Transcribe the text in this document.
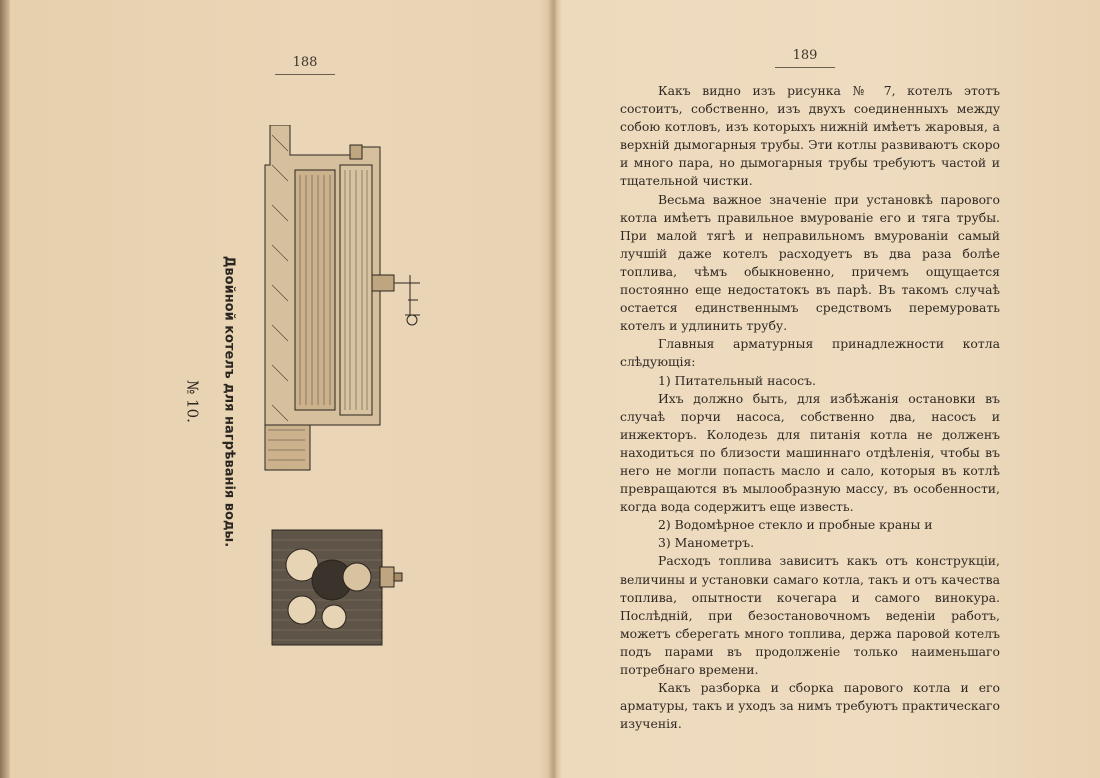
188
Двойной котелъ для нагрѣванія воды.
№ 10.
189

Какъ видно изъ рисунка № 7, котелъ этотъ состоитъ, собственно, изъ двухъ соединенныхъ между собою котловъ, изъ которыхъ нижній имѣетъ жаровыя, а верхній дымогарныя трубы. Эти котлы развиваютъ скоро и много пара, но дымогарныя трубы требуютъ частой и тщательной чистки.

Весьма важное значеніе при установкѣ парового котла имѣетъ правильное вмурованіе его и тяга трубы. При малой тягѣ и неправильномъ вмурованіи самый лучшій даже котелъ расходуетъ въ два раза болѣе топлива, чѣмъ обыкновенно, причемъ ощущается постоянно еще недостатокъ въ парѣ. Въ такомъ случаѣ остается единственнымъ средствомъ перемуровать котелъ и удлинить трубу.

Главныя арматурныя принадлежности котла слѣдующія:

1) Питательный насосъ.

Ихъ должно быть, для избѣжанія остановки въ случаѣ порчи насоса, собственно два, насосъ и инжекторъ. Колодезь для питанія котла не долженъ находиться по близости машиннаго отдѣленія, чтобы въ него не могли попасть масло и сало, которыя въ котлѣ превращаются въ мылообразную массу, въ особенности, когда вода содержитъ еще известь.

2) Водомѣрное стекло и пробные краны и

3) Манометръ.

Расходъ топлива зависитъ какъ отъ конструкціи, величины и установки самаго котла, такъ и отъ качества топлива, опытности кочегара и самого винокура. Послѣдній, при безостановочномъ веденіи работъ, можетъ сберегать много топлива, держа паровой котелъ подъ парами въ продолженіе только наименьшаго потребнаго времени.

Какъ разборка и сборка парового котла и его арматуры, такъ и уходъ за нимъ требуютъ практическаго изученія.
